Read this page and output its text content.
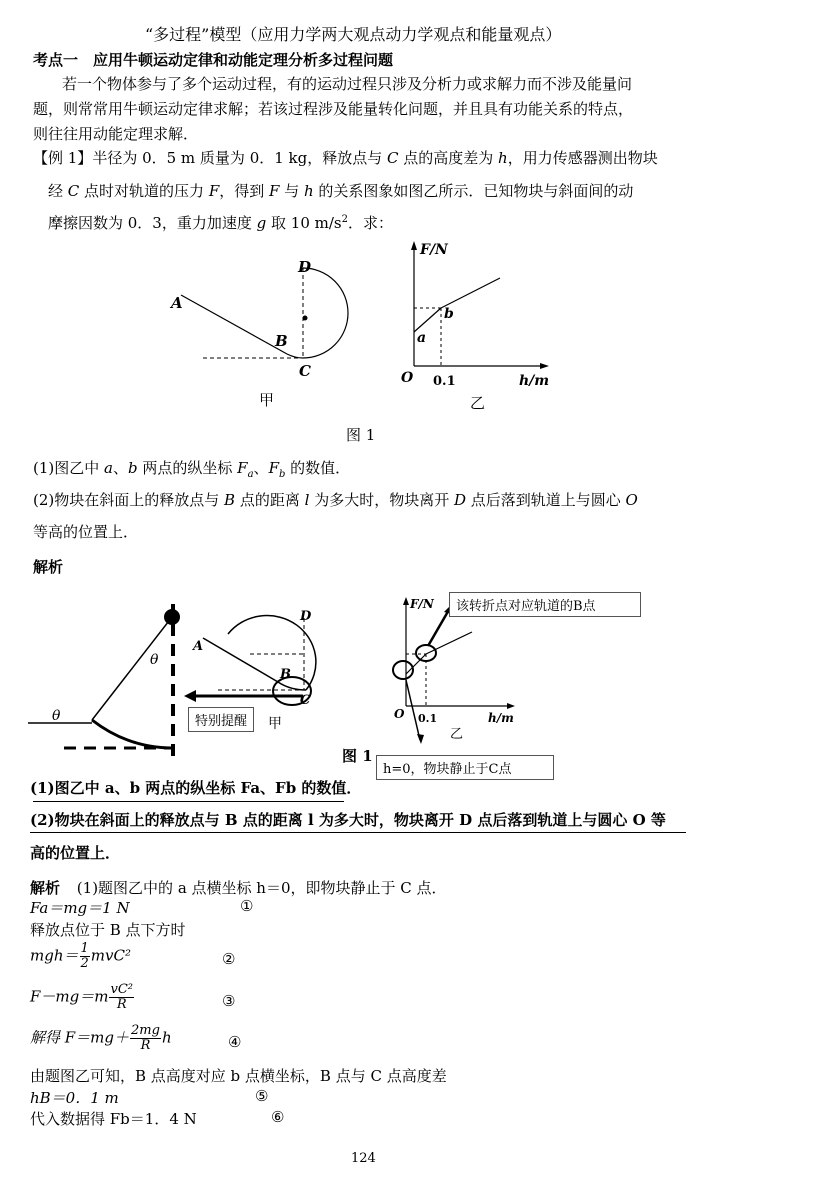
“多过程”模型（应用力学两大观点动力学观点和能量观点）
考点一　应用牛顿运动定律和动能定理分析多过程问题
若一个物体参与了多个运动过程，有的运动过程只涉及分析力或求解力而不涉及能量问
题，则常常用牛顿运动定律求解；若该过程涉及能量转化问题，并且具有功能关系的特点，
则往往用动能定理求解．
【例 1】半径为 0．5 m 质量为 0．1 kg，释放点与 C 点的高度差为 h，用力传感器测出物块
经 C 点时对轨道的压力 F，得到 F 与 h 的关系图象如图乙所示．已知物块与斜面间的动
摩擦因数为 0．3，重力加速度 g 取 10 $m/s^2$．求：
A
B
C
D
甲
F/N
h/m
O
a
b
0.1
乙
图 1
(1)图乙中 a、b 两点的纵坐标 $F_a$、$F_b$ 的数值．
(2)物块在斜面上的释放点与 B 点的距离 l 为多大时，物块离开 D 点后落到轨道上与圆心 O
等高的位置上．
解析
θ
θ
A
B
C
D
甲
特别提醒
F/N
h/m
O 0.1
乙
该转折点对应轨道的B点
h=0，物块静止于C点
图 1
(1)图乙中 a、b 两点的纵坐标 Fa、Fb 的数值．
(2)物块在斜面上的释放点与 B 点的距离 l 为多大时，物块离开 D 点后落到轨道上与圆心 O 等
高的位置上．
解析 (1)题图乙中的 a 点横坐标 h＝0，即物块静止于 C 点．
Fa＝mg＝1 N	①
释放点位于 B 点下方时
$mgh= \frac{1}{2} mvC^2$	②
$F-mg=m \frac{\text{vC²}}{R}$	③
解得 $F=mg+ \frac{2mg}{R}$ h	④
由题图乙可知，B 点高度对应 b 点横坐标，B 点与 C 点高度差
hB＝0．1 m	⑤
代入数据得 Fb＝1．4 N	⑥
124
